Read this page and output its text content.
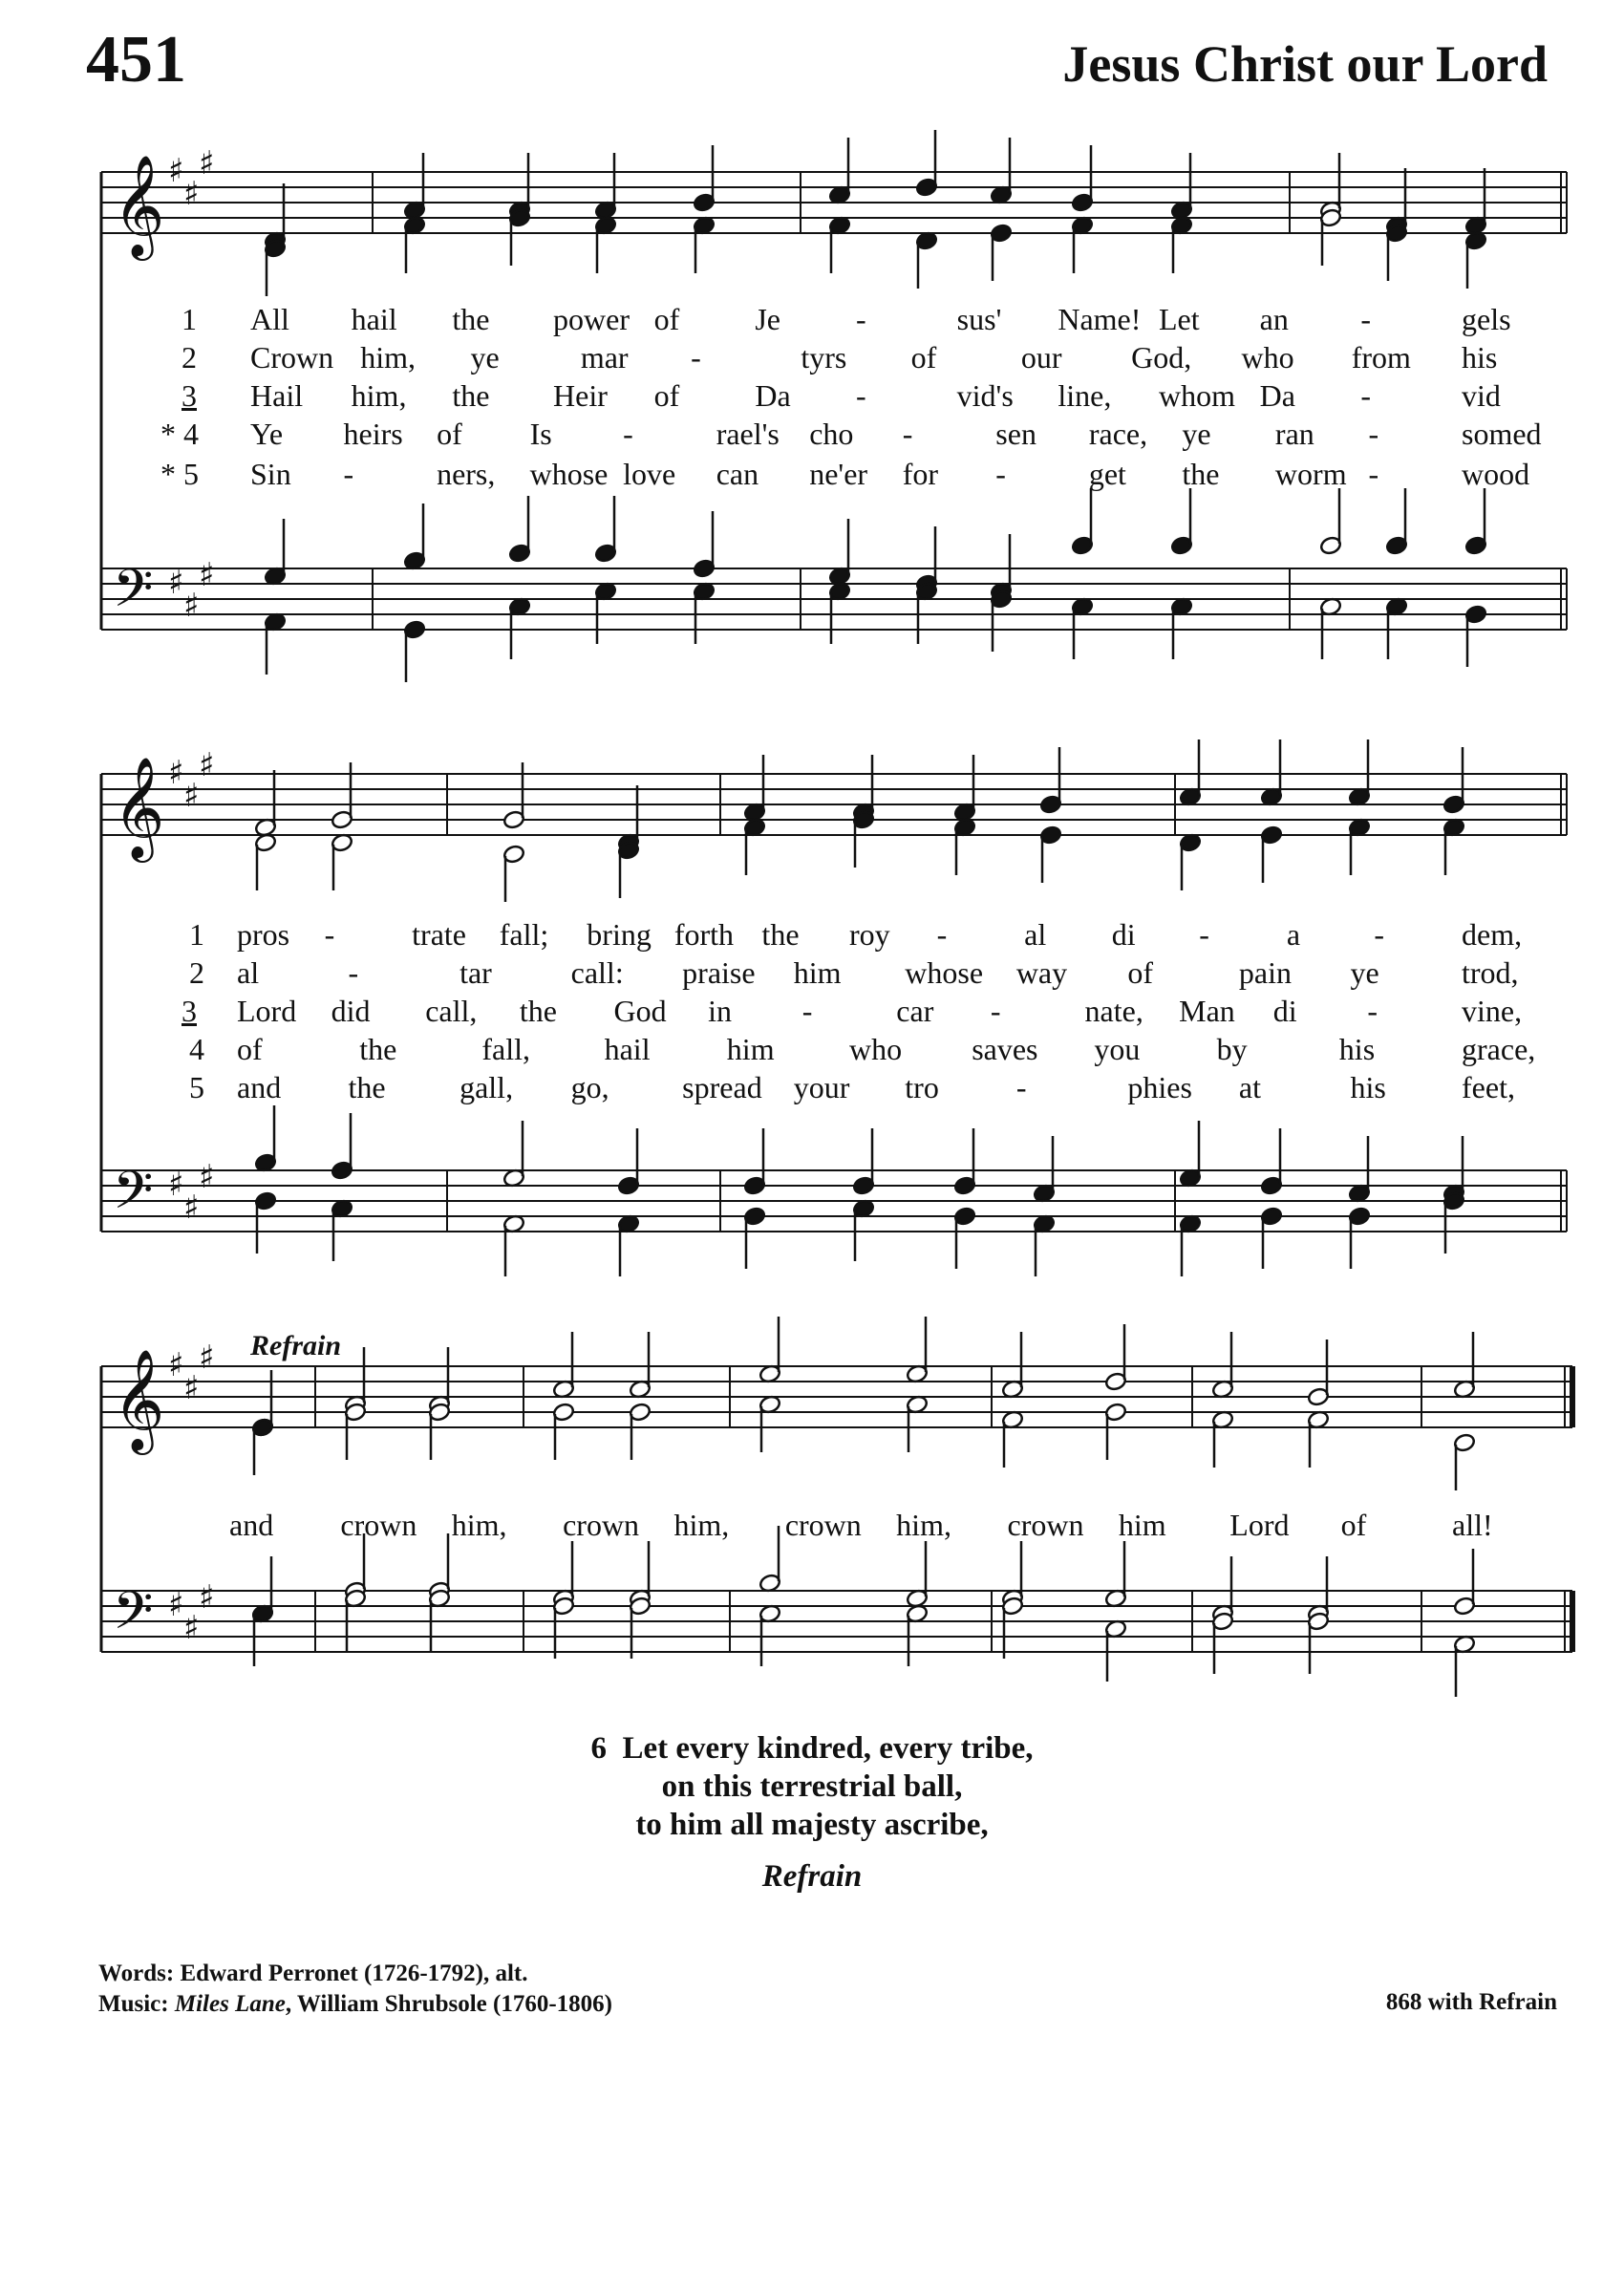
451	Jesus Christ our Lord
𝄞 ♯
♯
♯
𝄢 ♯
♯
♯
𝄞 ♯
♯
♯
𝄢 ♯
♯
♯
𝄞 ♯
♯
♯
𝄢 ♯
♯
♯
1
2
3
* 4
* 5
1
2
3
4
5
Refrain
6 Let every kindred, every tribe,
on this terrestrial ball,
to him all majesty ascribe,
Refrain
Words: Edward Perronet (1726-1792), alt.
Music: Miles Lane, William Shrubsole (1760-1806)	868 with Refrain
All hail the power of Je -	sus' Name! Let an -	gels
Crown him, ye	mar -	tyrs of	our God, who from his
Hail him, the Heir of Da -	vid's line, whom Da -	vid
Ye heirs of Is -	rael's cho -	sen race, ye ran -	somed
Sin -	ners, whose love can ne'er for -	get the worm -	wood
pros -	trate fall; bring forth the roy -	al di -	a -	dem,
al	-	tar	call: praise him whose way of	pain ye	trod,
Lord did call, the God in -	car -	nate, Man di -	vine,
of	the	fall, hail	him who saves you	by	his	grace,
and the gall, go, spread your tro	-	phies at	his feet,
and crown him, crown him, crown him, crown him Lord of	all!
